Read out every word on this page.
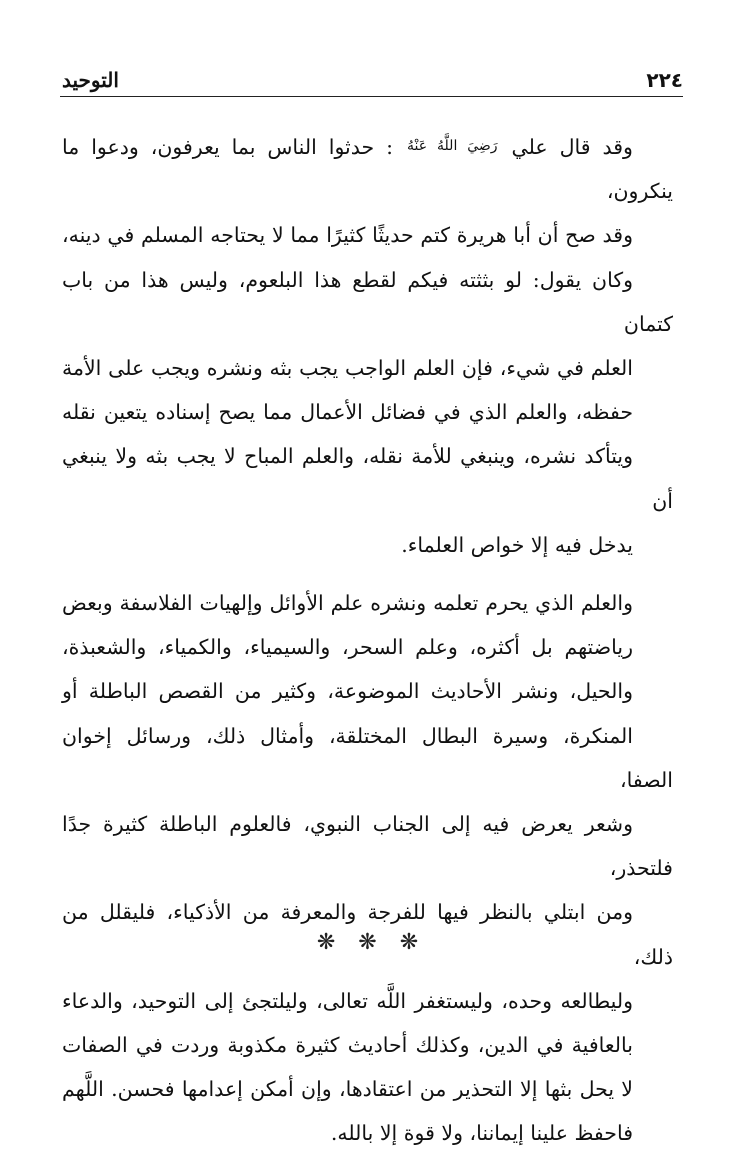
٢٢٤
التوحيد

وقد قال علي رَضِيَ اللَّهُ عَنْهُ : حدثوا الناس بما يعرفون، ودعوا ما ينكرون،
وقد صح أن أبا هريرة كتم حديثًا كثيرًا مما لا يحتاجه المسلم في دينه،
وكان يقول: لو بثثته فيكم لقطع هذا البلعوم، وليس هذا من باب كتمان
العلم في شيء، فإن العلم الواجب يجب بثه ونشره ويجب على الأمة
حفظه، والعلم الذي في فضائل الأعمال مما يصح إسناده يتعين نقله
ويتأكد نشره، وينبغي للأمة نقله، والعلم المباح لا يجب بثه ولا ينبغي أن
يدخل فيه إلا خواص العلماء.

والعلم الذي يحرم تعلمه ونشره علم الأوائل وإلهيات الفلاسفة وبعض
رياضتهم بل أكثره، وعلم السحر، والسيمياء، والكمياء، والشعبذة،
والحيل، ونشر الأحاديث الموضوعة، وكثير من القصص الباطلة أو
المنكرة، وسيرة البطال المختلقة، وأمثال ذلك، ورسائل إخوان الصفا،
وشعر يعرض فيه إلى الجناب النبوي، فالعلوم الباطلة كثيرة جدًا فلتحذر،
ومن ابتلي بالنظر فيها للفرجة والمعرفة من الأذكياء، فليقلل من ذلك،
وليطالعه وحده، وليستغفر اللَّه تعالى، وليلتجئ إلى التوحيد، والدعاء
بالعافية في الدين، وكذلك أحاديث كثيرة مكذوبة وردت في الصفات
لا يحل بثها إلا التحذير من اعتقادها، وإن أمكن إعدامها فحسن. اللَّهم
فاحفظ علينا إيماننا، ولا قوة إلا بالله.

❋ ❋ ❋
